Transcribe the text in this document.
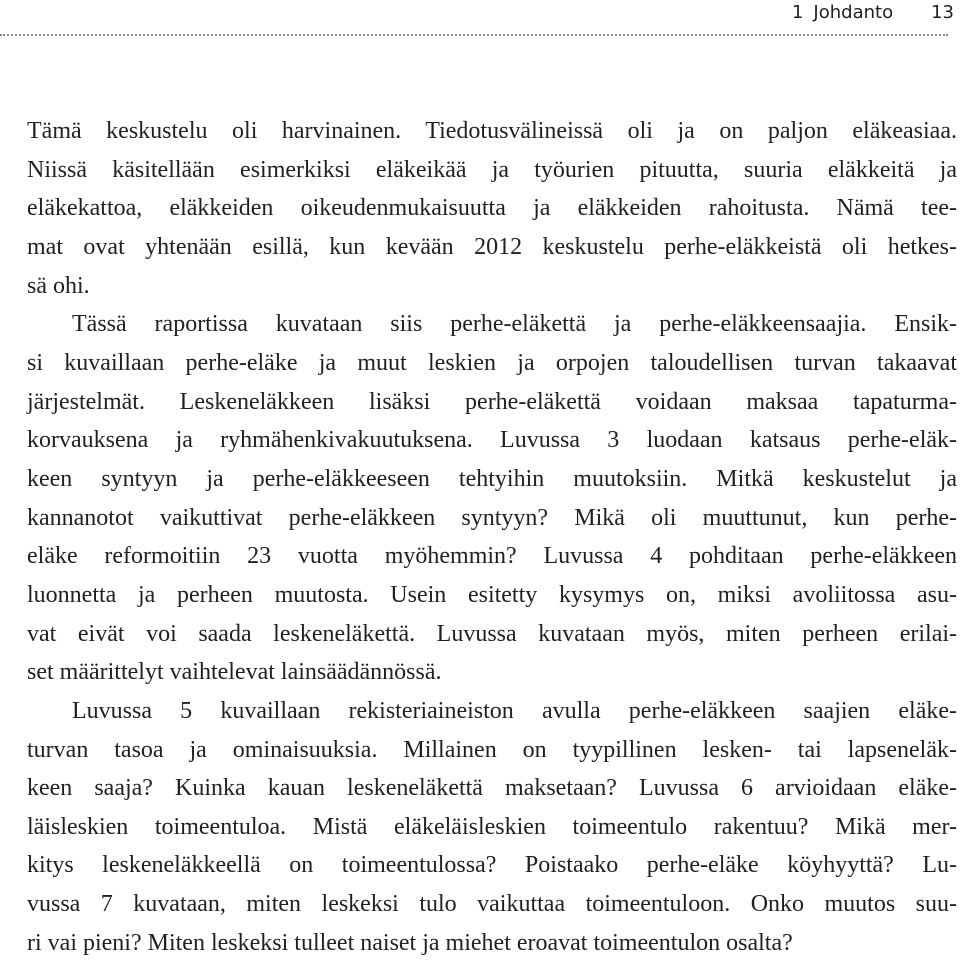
1 Johdanto 13
Tämä keskustelu oli harvinainen. Tiedotusvälineissä oli ja on paljon eläkeasiaa.
Niissä käsitellään esimerkiksi eläkeikää ja työurien pituutta, suuria eläkkeitä ja
eläkekattoa, eläkkeiden oikeudenmukaisuutta ja eläkkeiden rahoitusta. Nämä tee-
mat ovat yhtenään esillä, kun kevään 2012 keskustelu perhe-eläkkeistä oli hetkes-
sä ohi.
Tässä raportissa kuvataan siis perhe-eläkettä ja perhe-eläkkeensaajia. Ensik-
si kuvaillaan perhe-eläke ja muut leskien ja orpojen taloudellisen turvan takaavat
järjestelmät. Leskeneläkkeen lisäksi perhe-eläkettä voidaan maksaa tapaturma-
korvauksena ja ryhmähenkivakuutuksena. Luvussa 3 luodaan katsaus perhe-eläk-
keen syntyyn ja perhe-eläkkeeseen tehtyihin muutoksiin. Mitkä keskustelut ja
kannanotot vaikuttivat perhe-eläkkeen syntyyn? Mikä oli muuttunut, kun perhe-
eläke reformoitiin 23 vuotta myöhemmin? Luvussa 4 pohditaan perhe-eläkkeen
luonnetta ja perheen muutosta. Usein esitetty kysymys on, miksi avoliitossa asu-
vat eivät voi saada leskeneläkettä. Luvussa kuvataan myös, miten perheen erilai-
set määrittelyt vaihtelevat lainsäädännössä.
Luvussa 5 kuvaillaan rekisteriaineiston avulla perhe-eläkkeen saajien eläke-
turvan tasoa ja ominaisuuksia. Millainen on tyypillinen lesken- tai lapseneläk-
keen saaja? Kuinka kauan leskeneläkettä maksetaan? Luvussa 6 arvioidaan eläke-
läisleskien toimeentuloa. Mistä eläkeläisleskien toimeentulo rakentuu? Mikä mer-
kitys leskeneläkkeellä on toimeentulossa? Poistaako perhe-eläke köyhyyttä? Lu-
vussa 7 kuvataan, miten leskeksi tulo vaikuttaa toimeentuloon. Onko muutos suu-
ri vai pieni? Miten leskeksi tulleet naiset ja miehet eroavat toimeentulon osalta?
